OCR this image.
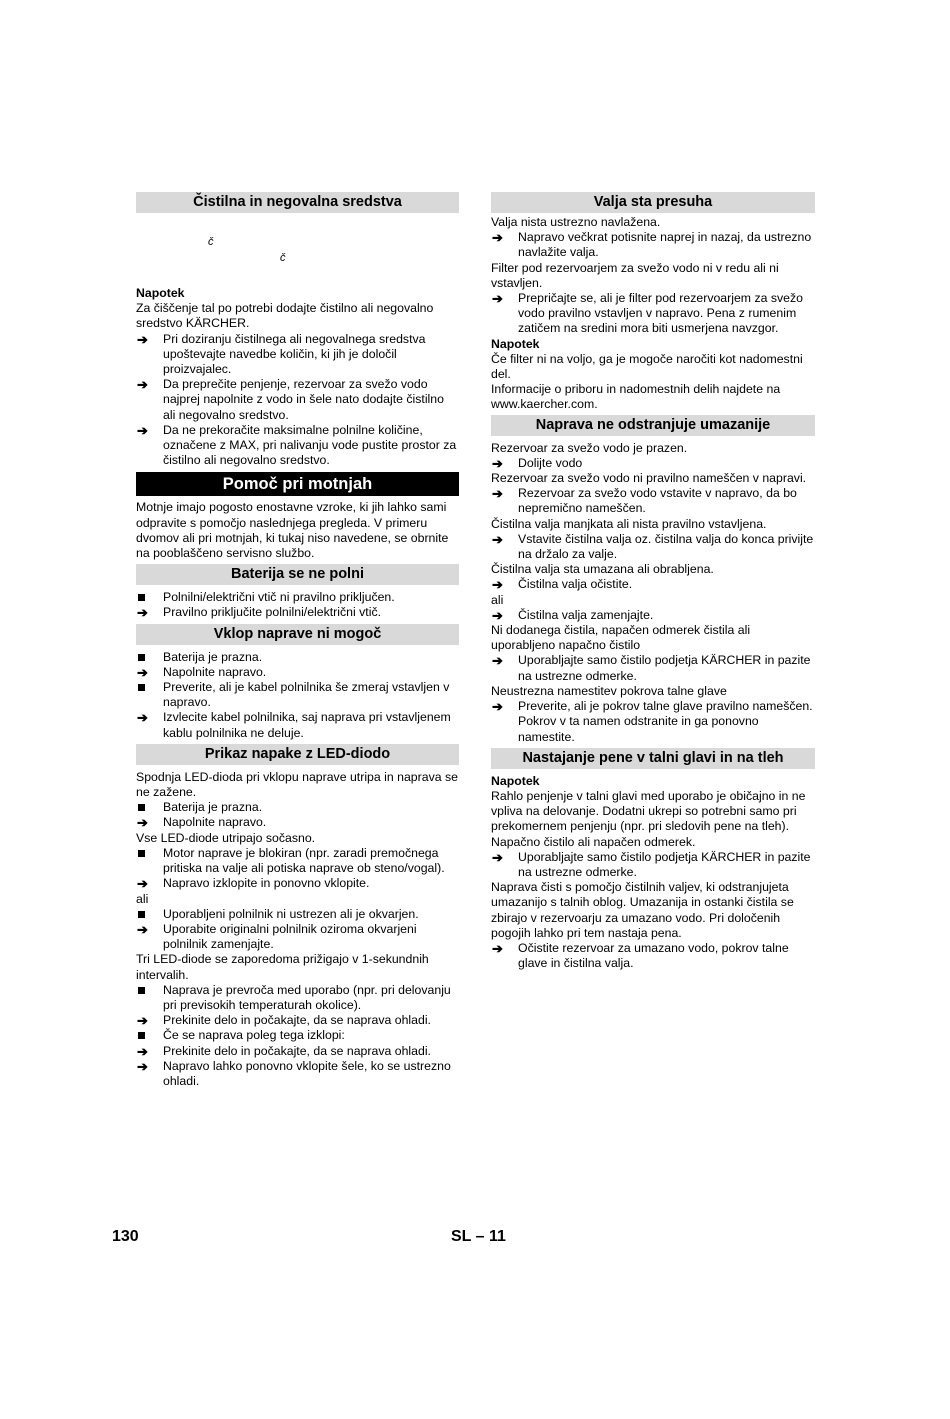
Čistilna in negovalna sredstva
č
č
Napotek
Za čiščenje tal po potrebi dodajte čistilno ali negovalno sredstvo KÄRCHER.
➔	Pri doziranju čistilnega ali negovalnega sredstva upoštevajte navedbe količin, ki jih je določil proizvajalec.
➔	Da preprečite penjenje, rezervoar za svežo vodo najprej napolnite z vodo in šele nato dodajte čistilno ali negovalno sredstvo.
➔	Da ne prekoračite maksimalne polnilne količine, označene z MAX, pri nalivanju vode pustite prostor za čistilno ali negovalno sredstvo.
Pomoč pri motnjah
Motnje imajo pogosto enostavne vzroke, ki jih lahko sami odpravite s pomočjo naslednjega pregleda. V primeru dvomov ali pri motnjah, ki tukaj niso navedene, se obrnite na pooblaščeno servisno službo.
Baterija se ne polni
Polnilni/električni vtič ni pravilno priključen.
➔	Pravilno priključite polnilni/električni vtič.
Vklop naprave ni mogoč
Baterija je prazna.
➔	Napolnite napravo.
Preverite, ali je kabel polnilnika še zmeraj vstavljen v napravo.
➔	Izvlecite kabel polnilnika, saj naprava pri vstavljenem kablu polnilnika ne deluje.
Prikaz napake z LED-diodo
Spodnja LED-dioda pri vklopu naprave utripa in naprava se ne zažene.
Baterija je prazna.
➔	Napolnite napravo.
Vse LED-diode utripajo sočasno.
Motor naprave je blokiran (npr. zaradi premočnega pritiska na valje ali potiska naprave ob steno/vogal).
➔	Napravo izklopite in ponovno vklopite.
ali
Uporabljeni polnilnik ni ustrezen ali je okvarjen.
➔	Uporabite originalni polnilnik oziroma okvarjeni polnilnik zamenjajte.
Tri LED-diode se zaporedoma prižigajo v 1-sekundnih intervalih.
Naprava je prevroča med uporabo (npr. pri delovanju pri previsokih temperaturah okolice).
➔	Prekinite delo in počakajte, da se naprava ohladi.
Če se naprava poleg tega izklopi:
➔	Prekinite delo in počakajte, da se naprava ohladi.
➔	Napravo lahko ponovno vklopite šele, ko se ustrezno ohladi.
Valja sta presuha
Valja nista ustrezno navlažena.
➔	Napravo večkrat potisnite naprej in nazaj, da ustrezno navlažite valja.
Filter pod rezervoarjem za svežo vodo ni v redu ali ni vstavljen.
➔	Prepričajte se, ali je filter pod rezervoarjem za svežo vodo pravilno vstavljen v napravo. Pena z rumenim zatičem na sredini mora biti usmerjena navzgor.
Napotek
Če filter ni na voljo, ga je mogoče naročiti kot nadomestni del.
Informacije o priboru in nadomestnih delih najdete na www.kaercher.com.
Naprava ne odstranjuje umazanije
Rezervoar za svežo vodo je prazen.
➔	Dolijte vodo
Rezervoar za svežo vodo ni pravilno nameščen v napravi.
➔	Rezervoar za svežo vodo vstavite v napravo, da bo nepremično nameščen.
Čistilna valja manjkata ali nista pravilno vstavljena.
➔	Vstavite čistilna valja oz. čistilna valja do konca privijte na držalo za valje.
Čistilna valja sta umazana ali obrabljena.
➔	Čistilna valja očistite.
ali
➔	Čistilna valja zamenjajte.
Ni dodanega čistila, napačen odmerek čistila ali uporabljeno napačno čistilo
➔	Uporabljajte samo čistilo podjetja KÄRCHER in pazite na ustrezne odmerke.
Neustrezna namestitev pokrova talne glave
➔	Preverite, ali je pokrov talne glave pravilno nameščen. Pokrov v ta namen odstranite in ga ponovno namestite.
Nastajanje pene v talni glavi in na tleh
Napotek
Rahlo penjenje v talni glavi med uporabo je običajno in ne vpliva na delovanje. Dodatni ukrepi so potrebni samo pri prekomernem penjenju (npr. pri sledovih pene na tleh).
Napačno čistilo ali napačen odmerek.
➔	Uporabljajte samo čistilo podjetja KÄRCHER in pazite na ustrezne odmerke.
Naprava čisti s pomočjo čistilnih valjev, ki odstranjujeta umazanijo s talnih oblog. Umazanija in ostanki čistila se zbirajo v rezervoarju za umazano vodo. Pri določenih pogojih lahko pri tem nastaja pena.
➔	Očistite rezervoar za umazano vodo, pokrov talne glave in čistilna valja.
130	SL – 11
